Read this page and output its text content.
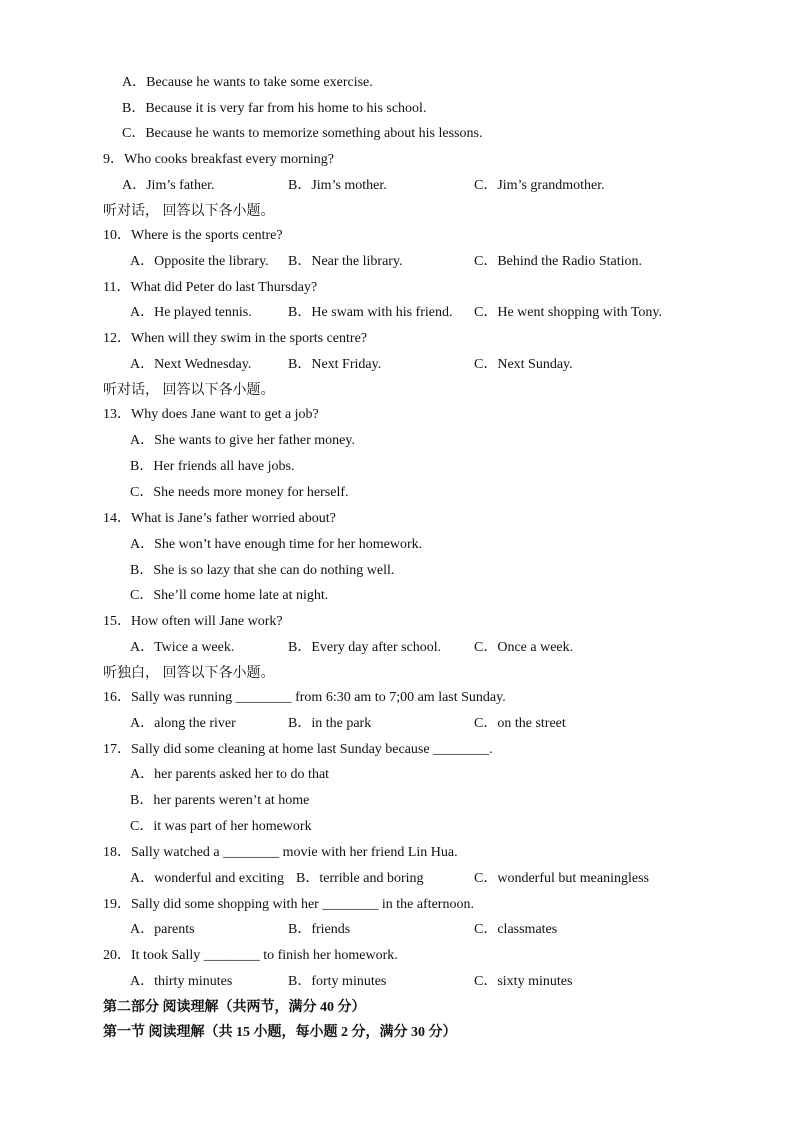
A．Because he wants to take some exercise.
B．Because it is very far from his home to his school.
C．Because he wants to memorize something about his lessons.
9．Who cooks breakfast every morning?
A．Jim’s father.	B．Jim’s mother.	C．Jim’s grandmother.
听对话， 回答以下各小题。
10．Where is the sports centre?
A．Opposite the library. B．Near the library.	C．Behind the Radio Station.
11．What did Peter do last Thursday?
A．He played tennis.	B．He swam with his friend. C．He went shopping with Tony.
12．When will they swim in the sports centre?
A．Next Wednesday.	B．Next Friday.	C．Next Sunday.
听对话， 回答以下各小题。
13．Why does Jane want to get a job?
A．She wants to give her father money.
B．Her friends all have jobs.
C．She needs more money for herself.
14．What is Jane’s father worried about?
A．She won’t have enough time for her homework.
B．She is so lazy that she can do nothing well.
C．She’ll come home late at night.
15．How often will Jane work?
A．Twice a week.	B．Every day after school. C．Once a week.
听独白， 回答以下各小题。
16．Sally was running ________ from 6:30 am to 7;00 am last Sunday.
A．along the river	B．in the park	C．on the street
17．Sally did some cleaning at home last Sunday because ________.
A．her parents asked her to do that
B．her parents weren’t at home
C．it was part of her homework
18．Sally watched a ________ movie with her friend Lin Hua.
A．wonderful and exciting B．terrible and boring	C．wonderful but meaningless
19．Sally did some shopping with her ________ in the afternoon.
A．parents	B．friends	C．classmates
20．It took Sally ________ to finish her homework.
A．thirty minutes	B．forty minutes	C．sixty minutes
第二部分 阅读理解（共两节，满分 40 分）
第一节 阅读理解（共 15 小题，每小题 2 分，满分 30 分）
